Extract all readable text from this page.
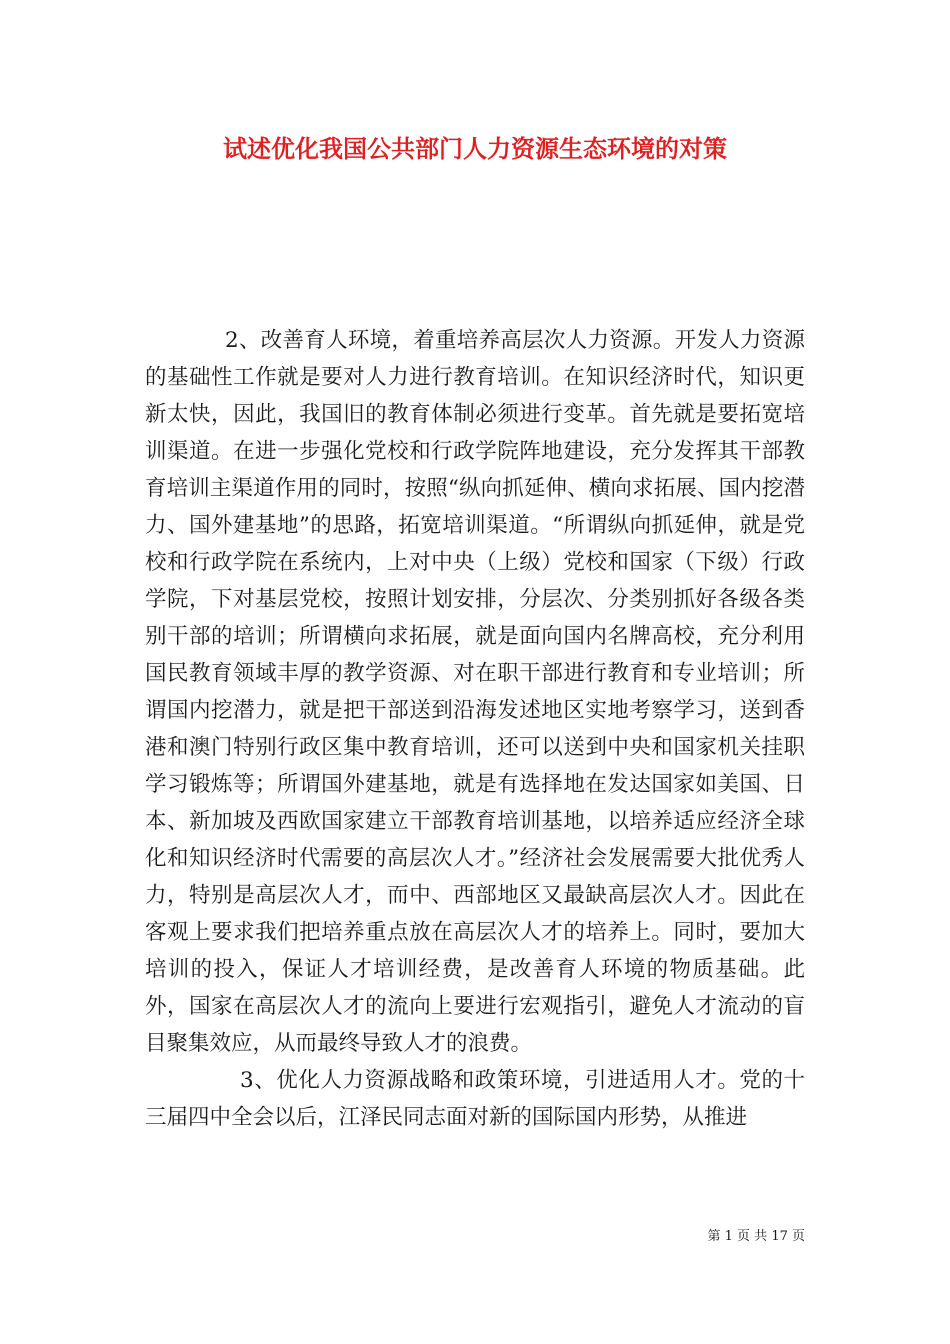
试述优化我国公共部门人力资源生态环境的对策

2、改善育人环境，着重培养高层次人力资源。开发人力资源的基础性工作就是要对人力进行教育培训。在知识经济时代，知识更新太快，因此，我国旧的教育体制必须进行变革。首先就是要拓宽培训渠道。在进一步强化党校和行政学院阵地建设，充分发挥其干部教育培训主渠道作用的同时，按照“纵向抓延伸、横向求拓展、国内挖潜力、国外建基地”的思路，拓宽培训渠道。“所谓纵向抓延伸，就是党校和行政学院在系统内，上对中央（上级）党校和国家（下级）行政学院，下对基层党校，按照计划安排，分层次、分类别抓好各级各类别干部的培训；所谓横向求拓展，就是面向国内名牌高校，充分利用国民教育领域丰厚的教学资源、对在职干部进行教育和专业培训；所谓国内挖潜力，就是把干部送到沿海发述地区实地考察学习，送到香港和澳门特别行政区集中教育培训，还可以送到中央和国家机关挂职学习锻炼等；所谓国外建基地，就是有选择地在发达国家如美国、日本、新加坡及西欧国家建立干部教育培训基地，以培养适应经济全球化和知识经济时代需要的高层次人才。”经济社会发展需要大批优秀人力，特别是高层次人才，而中、西部地区又最缺高层次人才。因此在客观上要求我们把培养重点放在高层次人才的培养上。同时，要加大培训的投入，保证人才培训经费，是改善育人环境的物质基础。此外，国家在高层次人才的流向上要进行宏观指引，避免人才流动的盲目聚集效应，从而最终导致人才的浪费。

3、优化人力资源战略和政策环境，引进适用人才。党的十三届四中全会以后，江泽民同志面对新的国际国内形势，从推进

第 1 页 共 17 页
